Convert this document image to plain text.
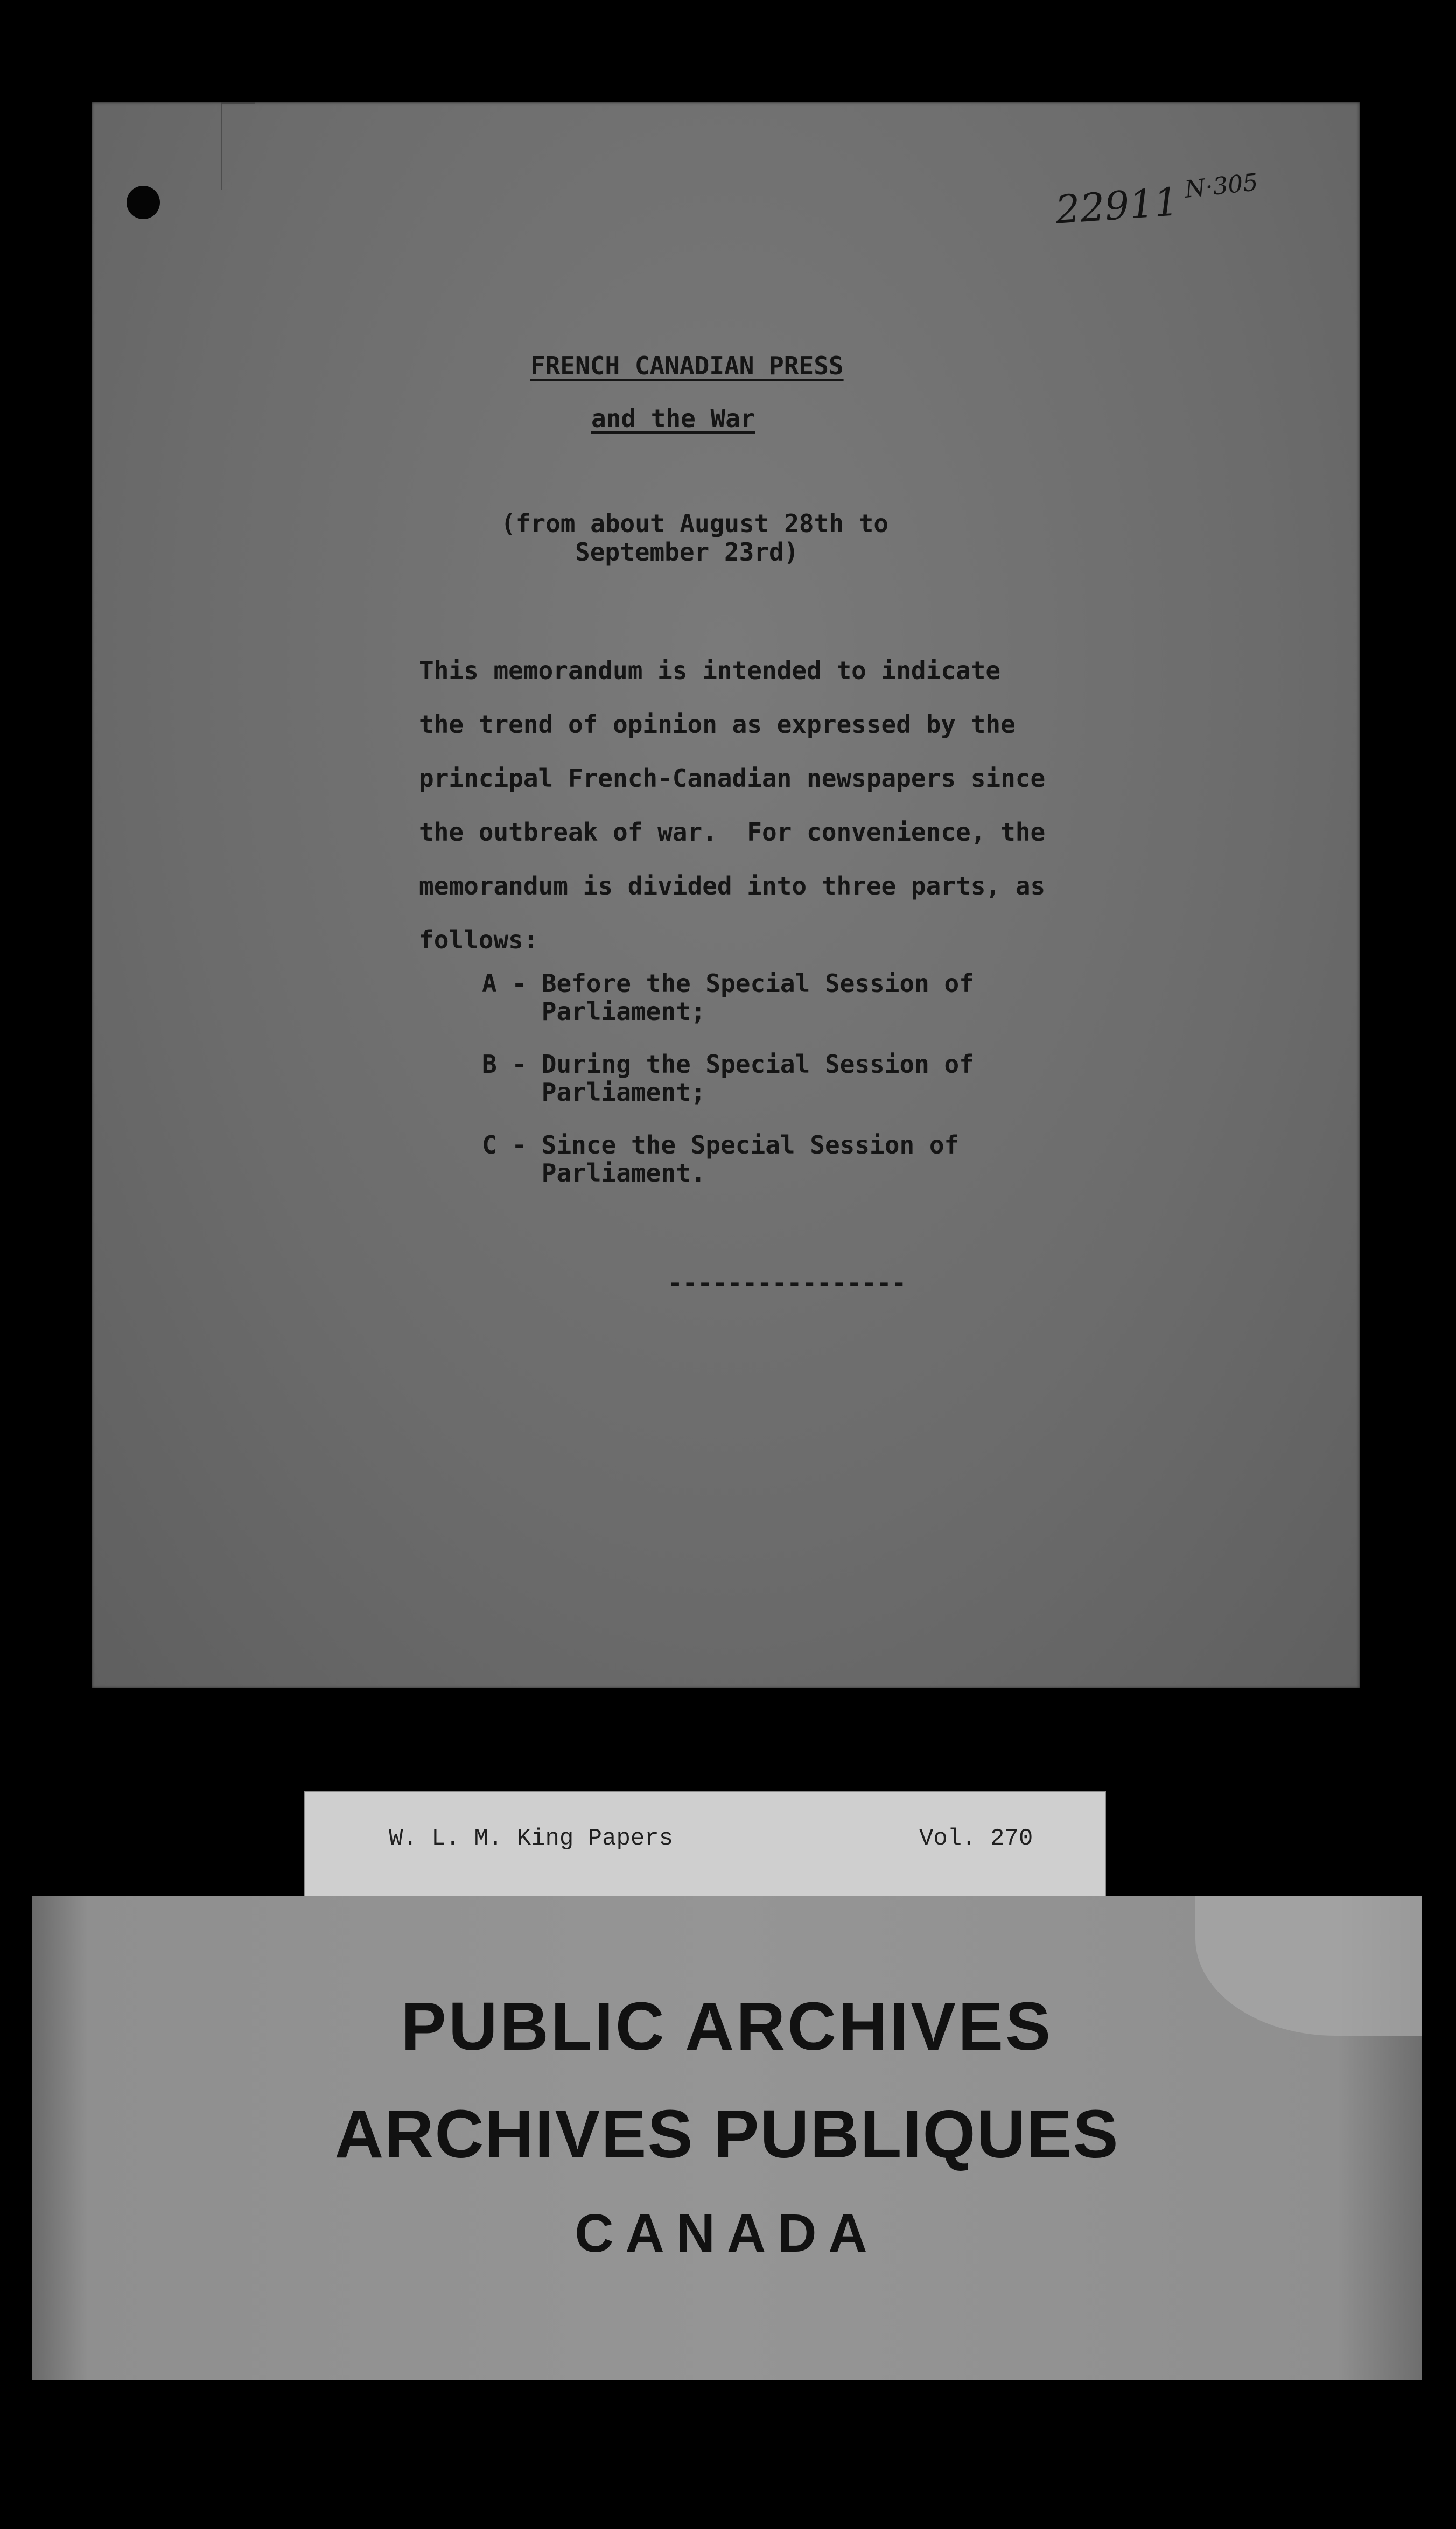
22911 N·305
FRENCH CANADIAN PRESS
and the War
(from about August 28th to
September 23rd)
This memorandum is intended to indicate
the trend of opinion as expressed by the
principal French-Canadian newspapers since
the outbreak of war.  For convenience, the
memorandum is divided into three parts, as
follows:
A - Before the Special Session of
Parliament;
B - During the Special Session of
Parliament;
C - Since the Special Session of
Parliament.
----------------
W. L. M. King Papers	Vol. 270
PUBLIC ARCHIVES
ARCHIVES PUBLIQUES
CANADA
